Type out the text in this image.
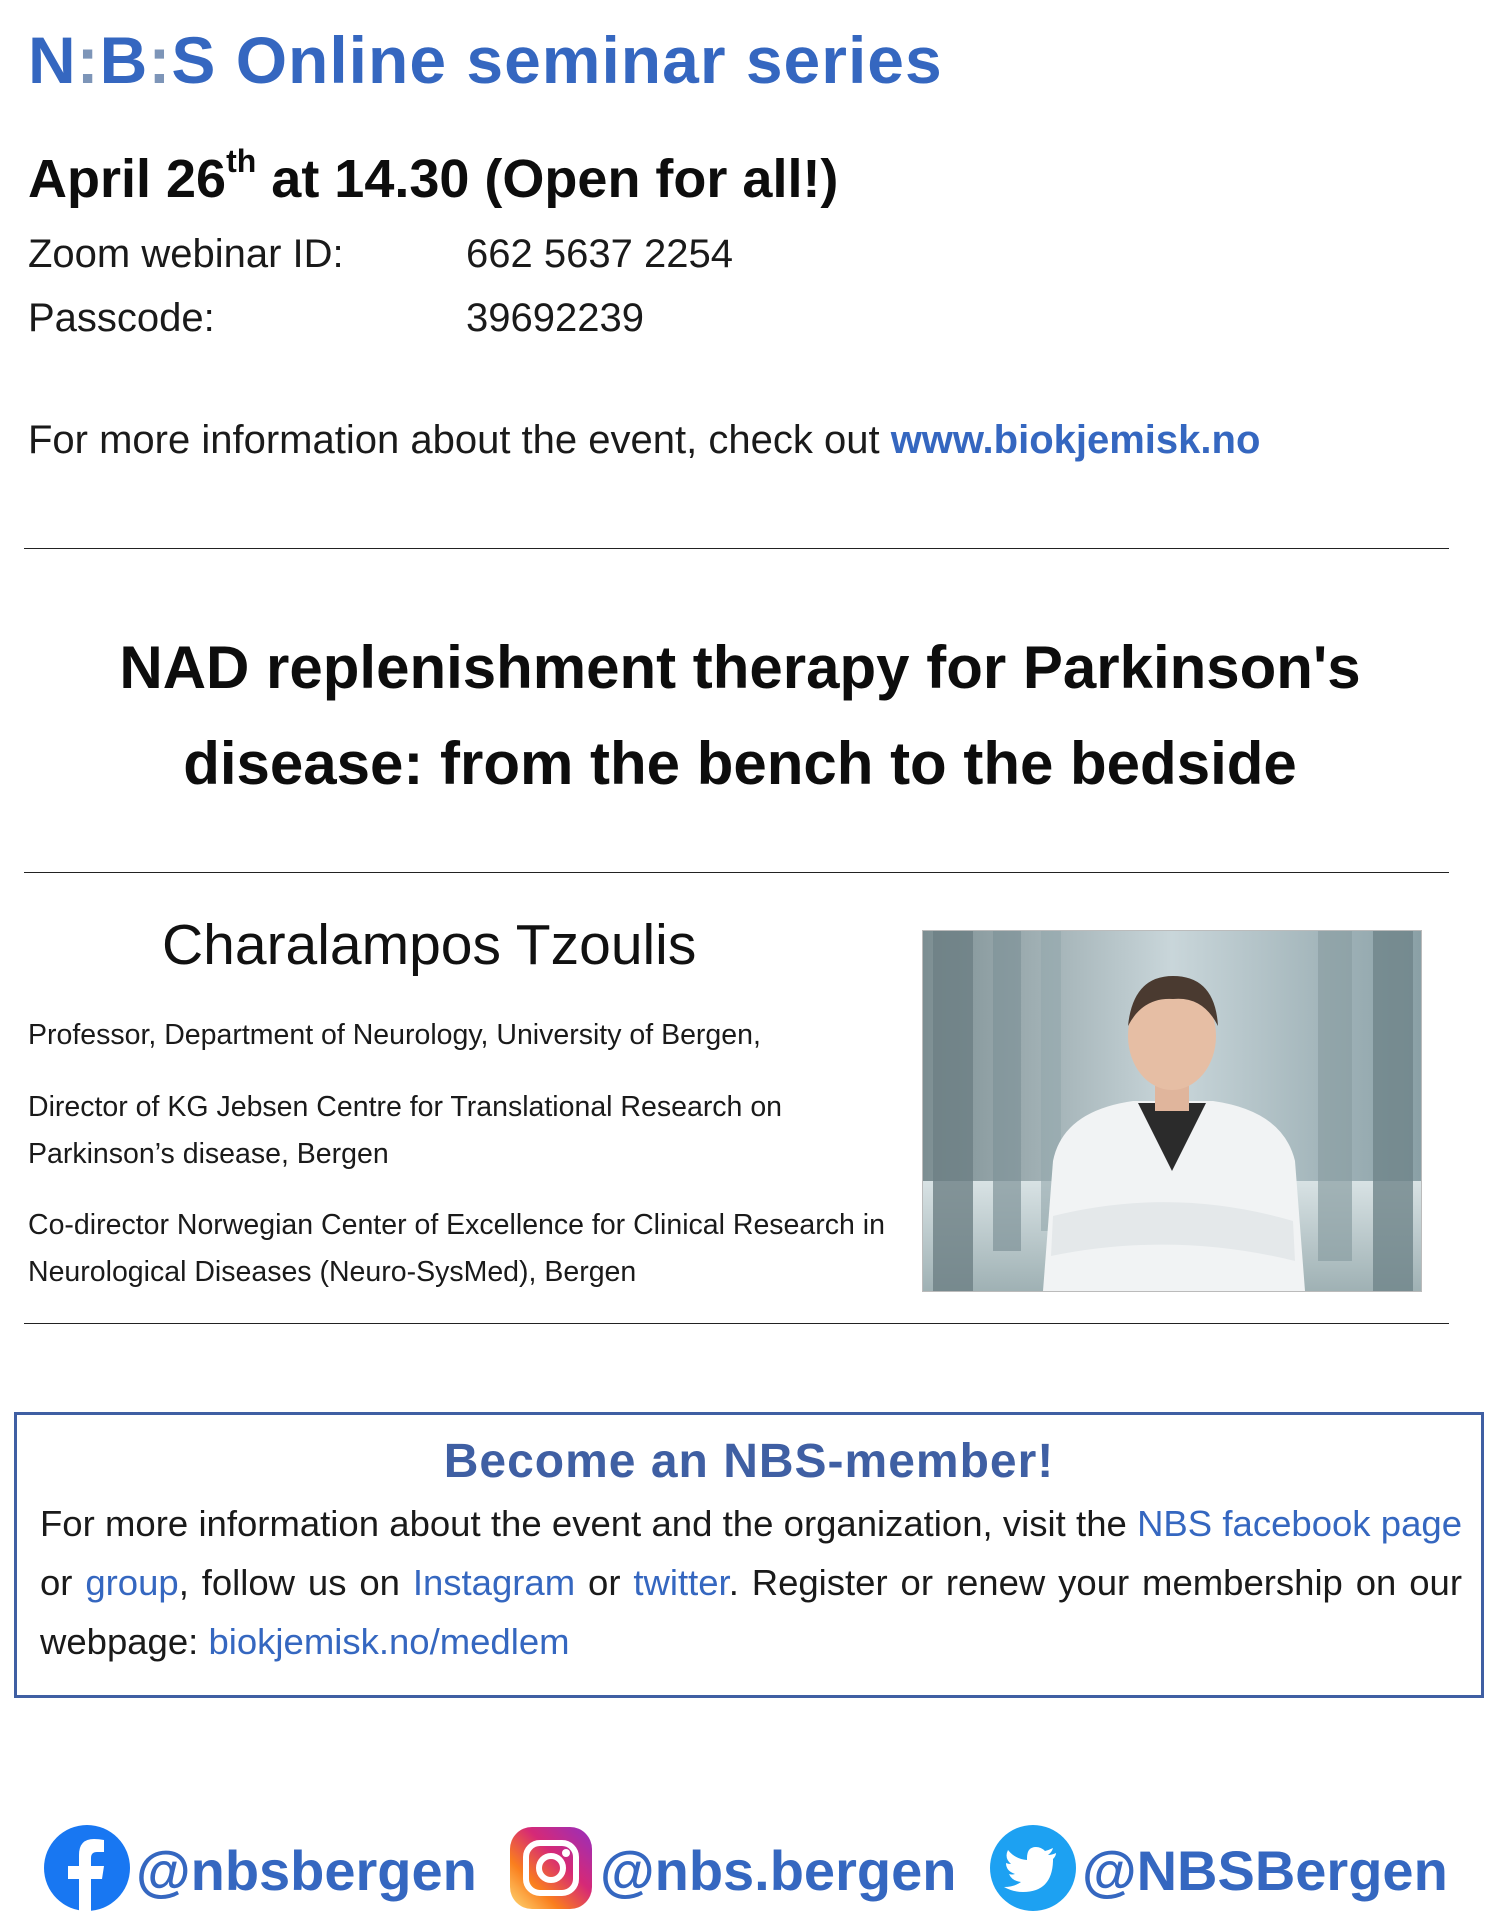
N:B:S Online seminar series
April 26th at 14.30 (Open for all!)
Zoom webinar ID:	662 5637 2254
Passcode:	39692239
For more information about the event, check out www.biokjemisk.no
NAD replenishment therapy for Parkinson's
disease: from the bench to the bedside
Charalampos Tzoulis
Professor, Department of Neurology, University of Bergen,
Director of KG Jebsen Centre for Translational Research on Parkinson’s disease, Bergen
Co-director Norwegian Center of Excellence for Clinical Research in Neurological Diseases (Neuro-SysMed), Bergen
Become an NBS-member!
For more information about the event and the organization, visit the NBS facebook page or group, follow us on Instagram or twitter. Register or renew your membership on our webpage: biokjemisk.no/medlem
@nbsbergen @nbs.bergen @NBSBergen
